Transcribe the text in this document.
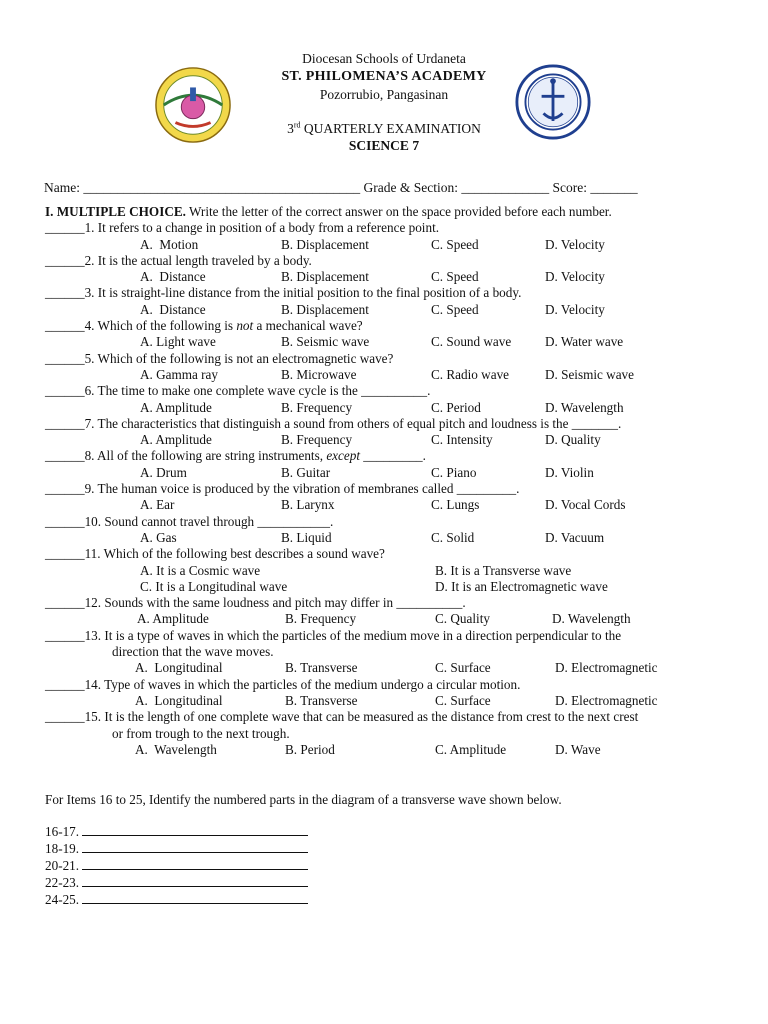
Diocesan Schools of Urdaneta
ST. PHILOMENA’S ACADEMY
Pozorrubio, Pangasinan
3rd QUARTERLY EXAMINATION
SCIENCE 7
Name: _________________________________________ Grade & Section: _____________ Score: _______
I. MULTIPLE CHOICE. Write the letter of the correct answer on the space provided before each number.
______1. It refers to a change in position of a body from a reference point.
A.  Motion	B. Displacement	C. Speed	D. Velocity
______2. It is the actual length traveled by a body.
A.  Distance	B. Displacement	C. Speed	D. Velocity
______3. It is straight-line distance from the initial position to the final position of a body.
A.  Distance	B. Displacement	C. Speed	D. Velocity
______4. Which of the following is not a mechanical wave?
A. Light wave	B. Seismic wave	C. Sound wave	D. Water wave
______5. Which of the following is not an electromagnetic wave?
A. Gamma ray	B. Microwave	C. Radio wave	D. Seismic wave
______6. The time to make one complete wave cycle is the __________.
A. Amplitude	B. Frequency	C. Period	D. Wavelength
______7. The characteristics that distinguish a sound from others of equal pitch and loudness is the _______.
A. Amplitude	B. Frequency	C. Intensity	D. Quality
______8. All of the following are string instruments, except _________.
A. Drum	B. Guitar	C. Piano	D. Violin
______9. The human voice is produced by the vibration of membranes called _________.
A. Ear	B. Larynx	C. Lungs	D. Vocal Cords
______10. Sound cannot travel through ___________.
A. Gas	B. Liquid	C. Solid	D. Vacuum
______11. Which of the following best describes a sound wave?
A. It is a Cosmic wave	B. It is a Transverse wave
C. It is a Longitudinal wave	D. It is an Electromagnetic wave
______12. Sounds with the same loudness and pitch may differ in __________.
A. Amplitude	B. Frequency	C. Quality	D. Wavelength
______13. It is a type of waves in which the particles of the medium move in a direction perpendicular to the
direction that the wave moves.
A.  Longitudinal	B. Transverse	C. Surface	D. Electromagnetic
______14. Type of waves in which the particles of the medium undergo a circular motion.
A.  Longitudinal	B. Transverse	C. Surface	D. Electromagnetic
______15. It is the length of one complete wave that can be measured as the distance from crest to the next crest
or from trough to the next trough.
A.  Wavelength	B. Period	C. Amplitude	D. Wave
For Items 16 to 25, Identify the numbered parts in the diagram of a transverse wave shown below.
16-17.
18-19.
20-21.
22-23.
24-25.
